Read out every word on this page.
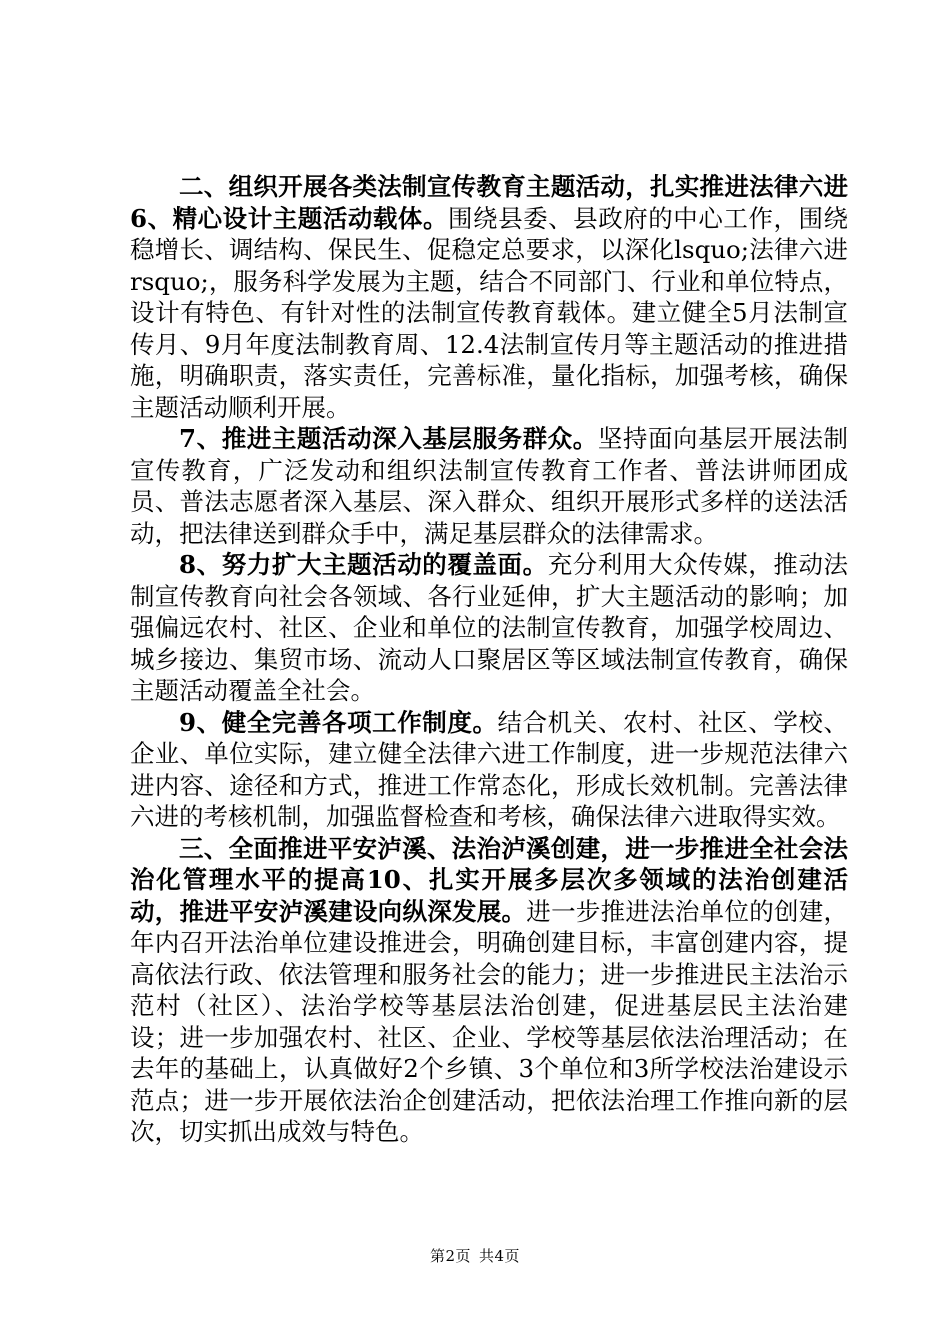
二、组织开展各类法制宣传教育主题活动，扎实推进法律六进6、精心设计主题活动载体。围绕县委、县政府的中心工作，围绕稳增长、调结构、保民生、促稳定总要求，以深化lsquo;法律六进rsquo;，服务科学发展为主题，结合不同部门、行业和单位特点，设计有特色、有针对性的法制宣传教育载体。建立健全5月法制宣传月、9月年度法制教育周、12.4法制宣传月等主题活动的推进措施，明确职责，落实责任，完善标准，量化指标，加强考核，确保主题活动顺利开展。

7、推进主题活动深入基层服务群众。坚持面向基层开展法制宣传教育，广泛发动和组织法制宣传教育工作者、普法讲师团成员、普法志愿者深入基层、深入群众、组织开展形式多样的送法活动，把法律送到群众手中，满足基层群众的法律需求。

8、努力扩大主题活动的覆盖面。充分利用大众传媒，推动法制宣传教育向社会各领域、各行业延伸，扩大主题活动的影响；加强偏远农村、社区、企业和单位的法制宣传教育，加强学校周边、城乡接边、集贸市场、流动人口聚居区等区域法制宣传教育，确保主题活动覆盖全社会。

9、健全完善各项工作制度。结合机关、农村、社区、学校、企业、单位实际，建立健全法律六进工作制度，进一步规范法律六进内容、途径和方式，推进工作常态化，形成长效机制。完善法律六进的考核机制，加强监督检查和考核，确保法律六进取得实效。

三、全面推进平安泸溪、法治泸溪创建，进一步推进全社会法治化管理水平的提高10、扎实开展多层次多领域的法治创建活动，推进平安泸溪建设向纵深发展。进一步推进法治单位的创建，年内召开法治单位建设推进会，明确创建目标，丰富创建内容，提高依法行政、依法管理和服务社会的能力；进一步推进民主法治示范村（社区）、法治学校等基层法治创建，促进基层民主法治建设；进一步加强农村、社区、企业、学校等基层依法治理活动；在去年的基础上，认真做好2个乡镇、3个单位和3所学校法治建设示范点；进一步开展依法治企创建活动，把依法治理工作推向新的层次，切实抓出成效与特色。

第2页 共4页
